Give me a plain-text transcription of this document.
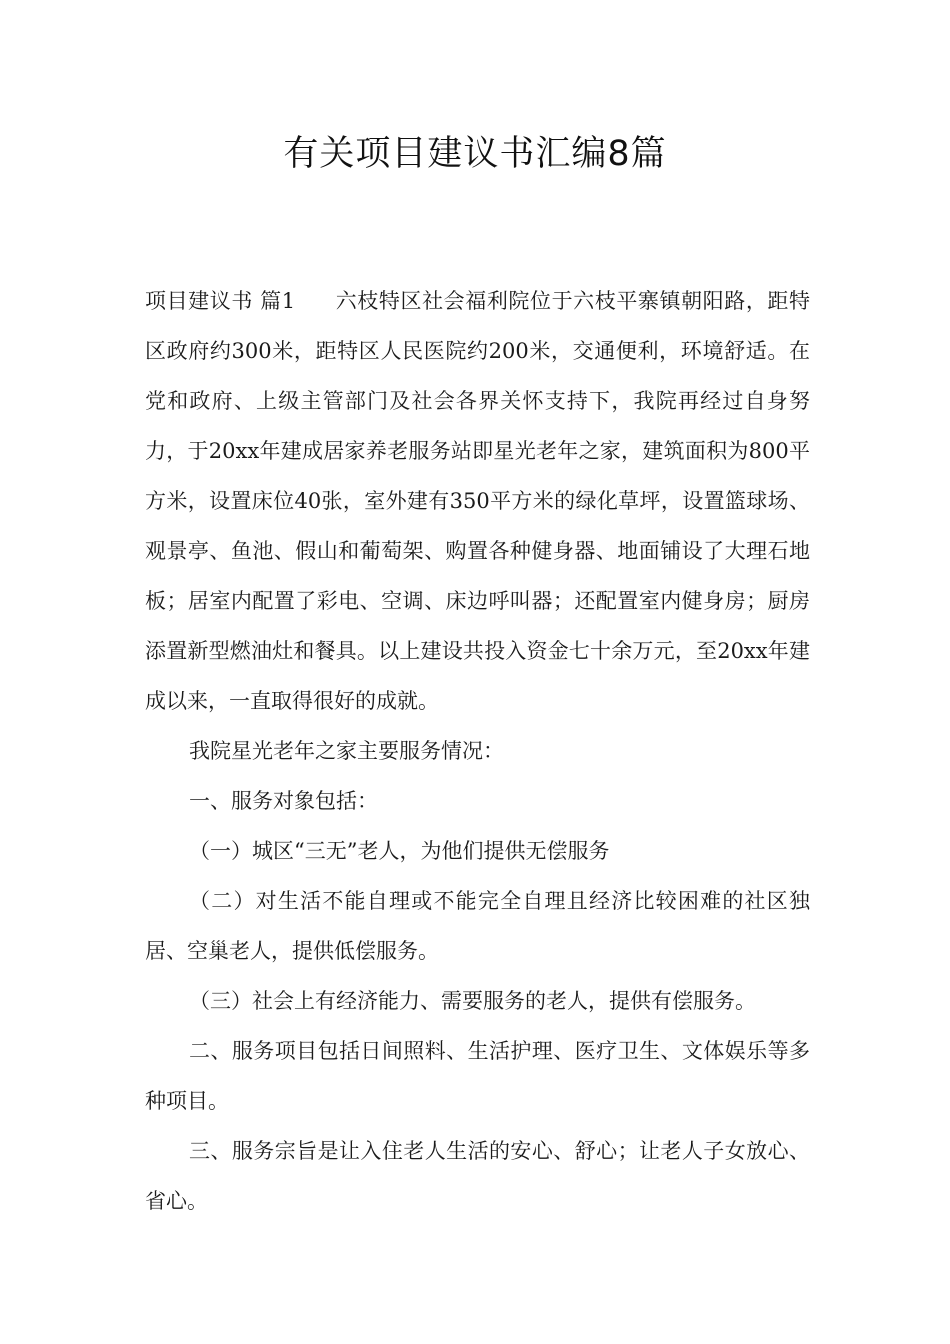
有关项目建议书汇编8篇

项目建议书 篇1 六枝特区社会福利院位于六枝平寨镇朝阳路，距特区政府约300米，距特区人民医院约200米，交通便利，环境舒适。在党和政府、上级主管部门及社会各界关怀支持下，我院再经过自身努力，于20xx年建成居家养老服务站即星光老年之家，建筑面积为800平方米，设置床位40张，室外建有350平方米的绿化草坪，设置篮球场、观景亭、鱼池、假山和葡萄架、购置各种健身器、地面铺设了大理石地板；居室内配置了彩电、空调、床边呼叫器；还配置室内健身房；厨房添置新型燃油灶和餐具。以上建设共投入资金七十余万元，至20xx年建成以来，一直取得很好的成就。

我院星光老年之家主要服务情况：

一、服务对象包括：

（一）城区“三无”老人，为他们提供无偿服务

（二）对生活不能自理或不能完全自理且经济比较困难的社区独居、空巢老人，提供低偿服务。

（三）社会上有经济能力、需要服务的老人，提供有偿服务。

二、服务项目包括日间照料、生活护理、医疗卫生、文体娱乐等多种项目。

三、服务宗旨是让入住老人生活的安心、舒心；让老人子女放心、省心。
